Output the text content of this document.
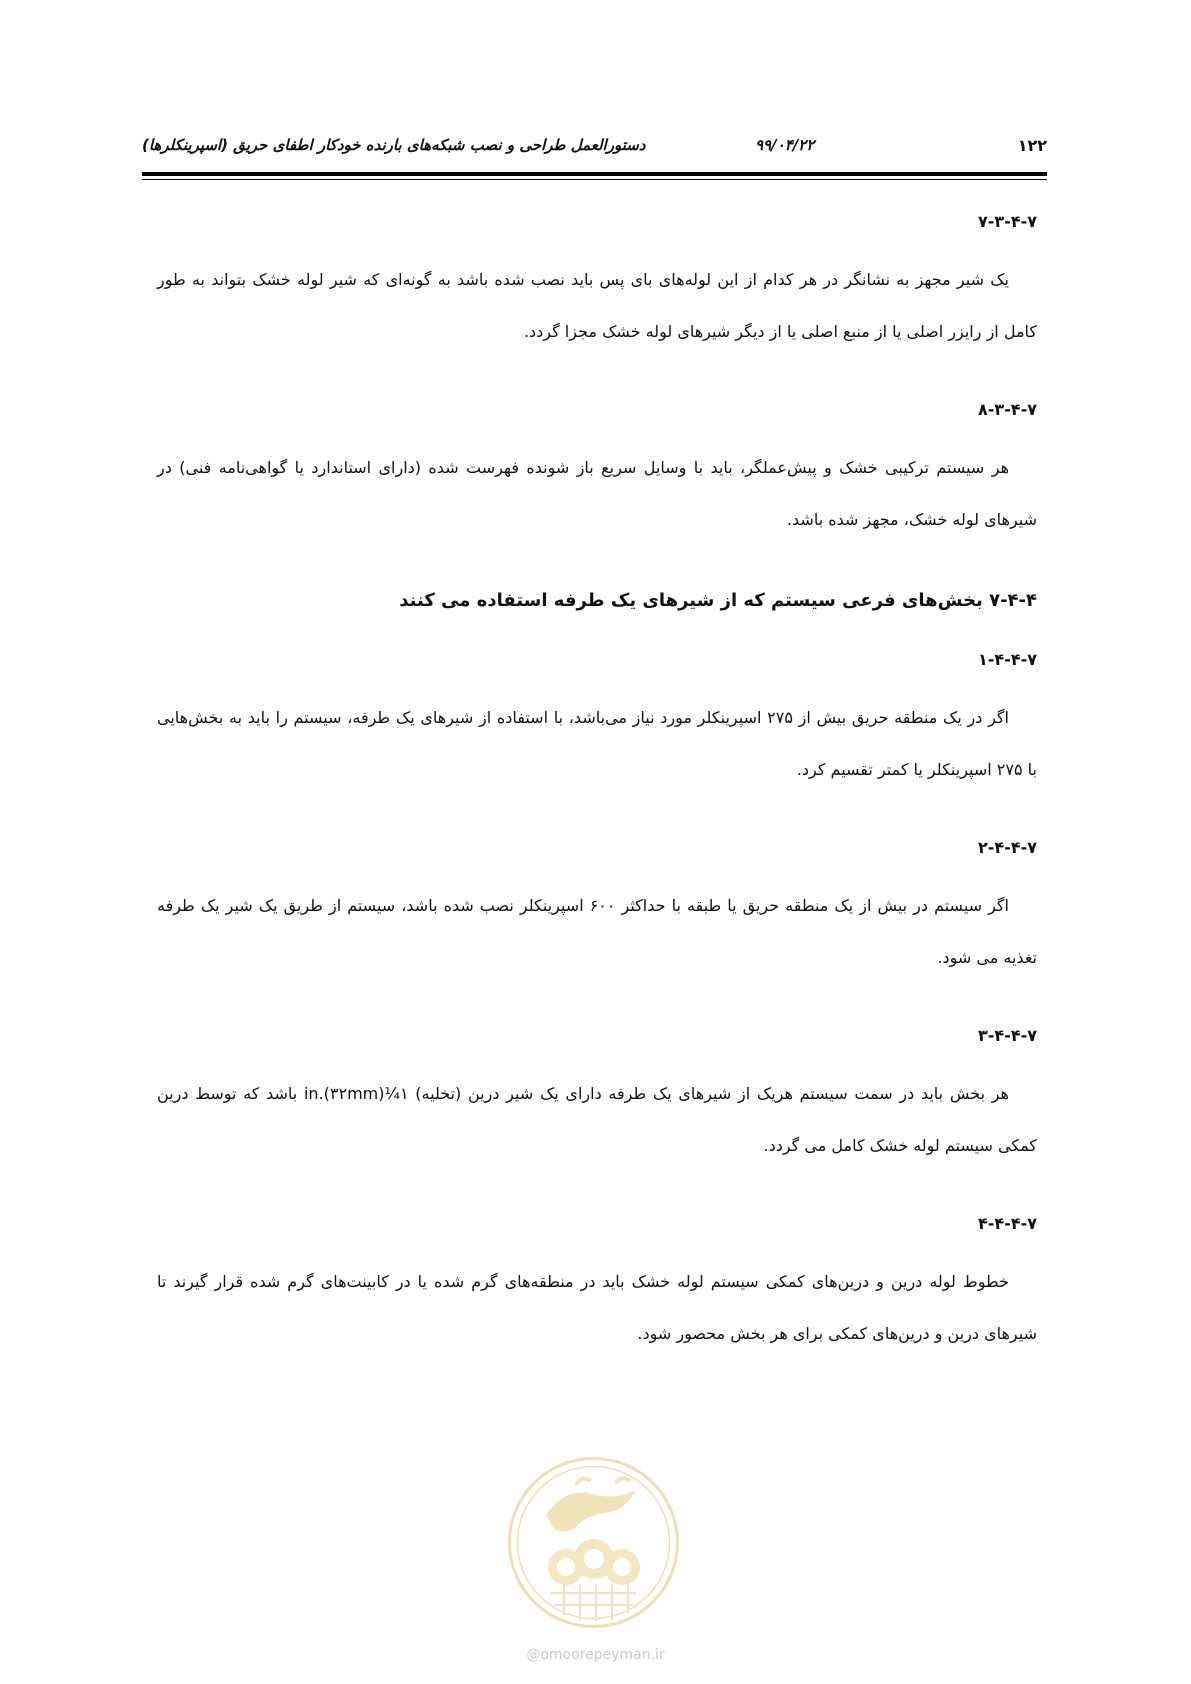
دستورالعمل طراحی و نصب شبکه‌های بارنده خودکار اطفای حریق (اسپرینکلرها)	۹۹/۰۴/۲۲	۱۲۲
۷-۳-۴-۷
یک شیر مجهز به نشانگر در هر کدام از این لوله‌های بای پس باید نصب شده باشد به گونه‌ای که شیر لوله خشک بتواند به طور کامل از رایزر اصلی یا از منبع اصلی یا از دیگر شیرهای لوله خشک مجزا گردد.
۸-۳-۴-۷
هر سیستم ترکیبی خشک و پیش‌عملگر، باید با وسایل سریع باز شونده فهرست شده (دارای استاندارد یا گواهی‌نامه فنی) در شیرهای لوله خشک، مجهز شده باشد.
۷-۴-۴ بخش‌های فرعی سیستم که از شیرهای یک طرفه استفاده می کنند
۱-۴-۴-۷
اگر در یک منطقه حریق بیش از ۲۷۵ اسپرینکلر مورد نیاز می‌باشد، با استفاده از شیرهای یک طرفه، سیستم را باید به بخش‌هایی با ۲۷۵ اسپرینکلر یا کمتر تقسیم کرد.
۲-۴-۴-۷
اگر سیستم در بیش از یک منطقه حریق یا طبقه با حداکثر ۶۰۰ اسپرینکلر نصب شده باشد، سیستم از طریق یک شیر یک طرفه تغذیه می شود.
۳-۴-۴-۷
هر بخش باید در سمت سیستم هریک از شیرهای یک طرفه دارای یک شیر درین (تخلیه) ۱¼in.(۳۲mm) باشد که توسط درین کمکی سیستم لوله خشک کامل می گردد.
۴-۴-۴-۷
خطوط لوله درین و درین‌های کمکی سیستم لوله خشک باید در منطقه‌های گرم شده یا در کابینت‌های گرم شده قرار گیرند تا شیرهای درین و درین‌های کمکی برای هر بخش محصور شود.
امور پیمان
@omoorepeyman.ir
